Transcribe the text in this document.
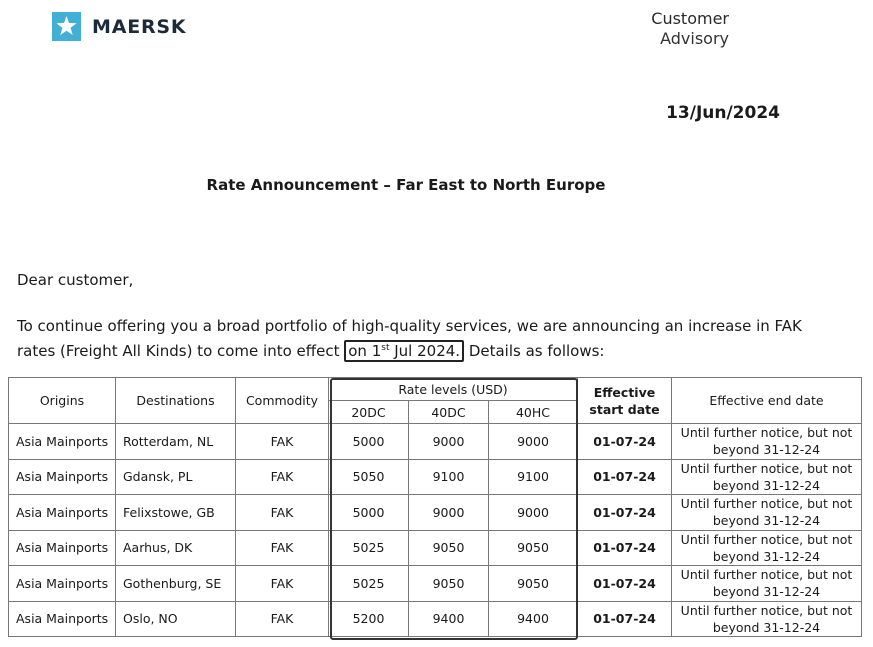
MAERSK	Customer
Advisory
13/Jun/2024
Rate Announcement – Far East to North Europe
Dear customer,
To continue offering you a broad portfolio of high-quality services, we are announcing an increase in FAK rates (Freight All Kinds) to come into effect on 1st Jul 2024. Details as follows:
Origins	Destinations	Commodity	Rate levels (USD)			Effective start date	Effective end date
			20DC	40DC	40HC		
Asia Mainports	Rotterdam, NL	FAK	5000	9000	9000	01-07-24	Until further notice, but not beyond 31-12-24
Asia Mainports	Gdansk, PL	FAK	5050	9100	9100	01-07-24	Until further notice, but not beyond 31-12-24
Asia Mainports	Felixstowe, GB	FAK	5000	9000	9000	01-07-24	Until further notice, but not beyond 31-12-24
Asia Mainports	Aarhus, DK	FAK	5025	9050	9050	01-07-24	Until further notice, but not beyond 31-12-24
Asia Mainports	Gothenburg, SE	FAK	5025	9050	9050	01-07-24	Until further notice, but not beyond 31-12-24
Asia Mainports	Oslo, NO	FAK	5200	9400	9400	01-07-24	Until further notice, but not beyond 31-12-24
